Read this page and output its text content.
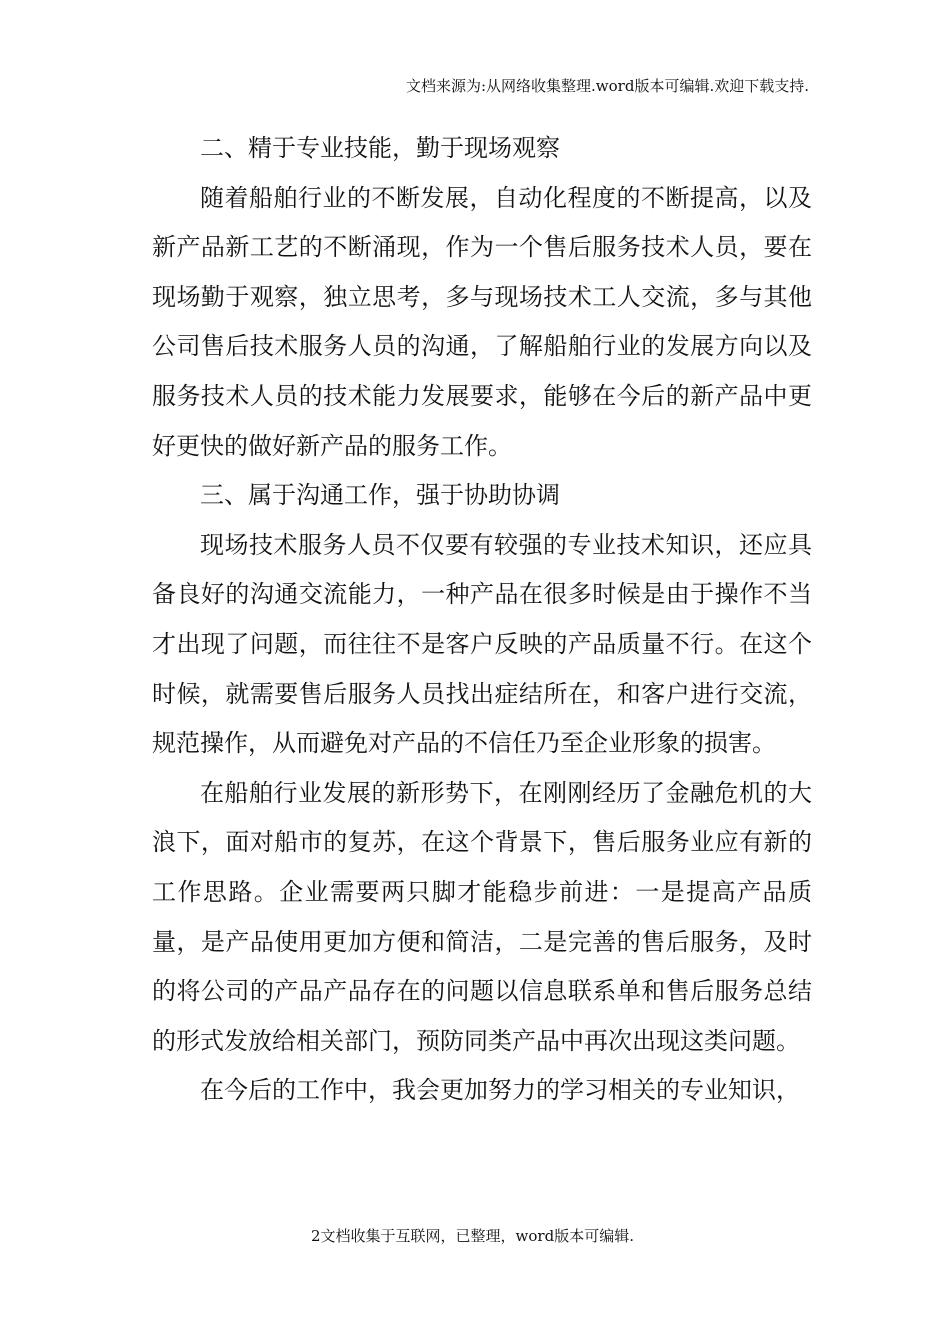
文档来源为:从网络收集整理.word版本可编辑.欢迎下载支持.

二、精于专业技能，勤于现场观察

随着船舶行业的不断发展，自动化程度的不断提高，以及新产品新工艺的不断涌现，作为一个售后服务技术人员，要在现场勤于观察，独立思考，多与现场技术工人交流，多与其他公司售后技术服务人员的沟通，了解船舶行业的发展方向以及服务技术人员的技术能力发展要求，能够在今后的新产品中更好更快的做好新产品的服务工作。

三、属于沟通工作，强于协助协调

现场技术服务人员不仅要有较强的专业技术知识，还应具备良好的沟通交流能力，一种产品在很多时候是由于操作不当才出现了问题，而往往不是客户反映的产品质量不行。在这个时候，就需要售后服务人员找出症结所在，和客户进行交流，规范操作，从而避免对产品的不信任乃至企业形象的损害。

在船舶行业发展的新形势下，在刚刚经历了金融危机的大浪下，面对船市的复苏，在这个背景下，售后服务业应有新的工作思路。企业需要两只脚才能稳步前进：一是提高产品质量，是产品使用更加方便和简洁，二是完善的售后服务，及时的将公司的产品产品存在的问题以信息联系单和售后服务总结的形式发放给相关部门，预防同类产品中再次出现这类问题。

在今后的工作中，我会更加努力的学习相关的专业知识，

2文档收集于互联网，已整理，word版本可编辑.
